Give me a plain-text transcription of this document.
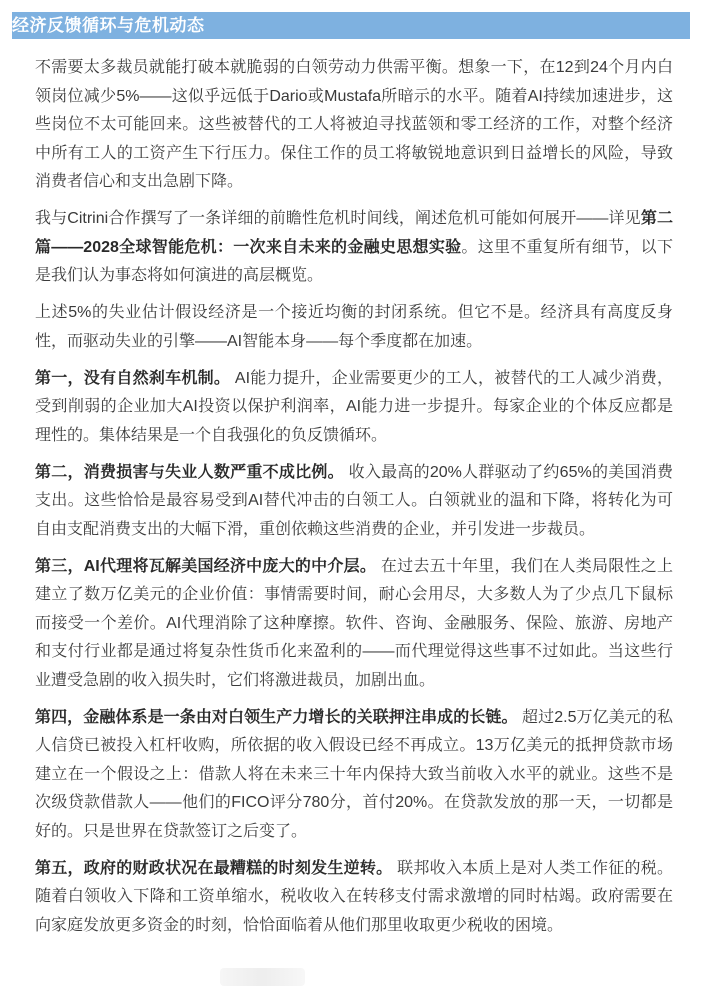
经济反馈循环与危机动态

不需要太多裁员就能打破本就脆弱的白领劳动力供需平衡。想象一下，在12到24个月内白领岗位减少5%——这似乎远低于Dario或Mustafa所暗示的水平。随着AI持续加速进步，这些岗位不太可能回来。这些被替代的工人将被迫寻找蓝领和零工经济的工作，对整个经济中所有工人的工资产生下行压力。保住工作的员工将敏锐地意识到日益增长的风险，导致消费者信心和支出急剧下降。

我与Citrini合作撰写了一条详细的前瞻性危机时间线，阐述危机可能如何展开——详见第二篇——2028全球智能危机：一次来自未来的金融史思想实验。这里不重复所有细节，以下是我们认为事态将如何演进的高层概览。

上述5%的失业估计假设经济是一个接近均衡的封闭系统。但它不是。经济具有高度反身性，而驱动失业的引擎——AI智能本身——每个季度都在加速。

第一，没有自然刹车机制。 AI能力提升，企业需要更少的工人，被替代的工人减少消费，受到削弱的企业加大AI投资以保护利润率，AI能力进一步提升。每家企业的个体反应都是理性的。集体结果是一个自我强化的负反馈循环。

第二，消费损害与失业人数严重不成比例。 收入最高的20%人群驱动了约65%的美国消费支出。这些恰恰是最容易受到AI替代冲击的白领工人。白领就业的温和下降，将转化为可自由支配消费支出的大幅下滑，重创依赖这些消费的企业，并引发进一步裁员。

第三，AI代理将瓦解美国经济中庞大的中介层。 在过去五十年里，我们在人类局限性之上建立了数万亿美元的企业价值：事情需要时间，耐心会用尽，大多数人为了少点几下鼠标而接受一个差价。AI代理消除了这种摩擦。软件、咨询、金融服务、保险、旅游、房地产和支付行业都是通过将复杂性货币化来盈利的——而代理觉得这些事不过如此。当这些行业遭受急剧的收入损失时，它们将激进裁员，加剧出血。

第四，金融体系是一条由对白领生产力增长的关联押注串成的长链。 超过2.5万亿美元的私人信贷已被投入杠杆收购，所依据的收入假设已经不再成立。13万亿美元的抵押贷款市场建立在一个假设之上：借款人将在未来三十年内保持大致当前收入水平的就业。这些不是次级贷款借款人——他们的FICO评分780分，首付20%。在贷款发放的那一天，一切都是好的。只是世界在贷款签订之后变了。

第五，政府的财政状况在最糟糕的时刻发生逆转。 联邦收入本质上是对人类工作征的税。随着白领收入下降和工资单缩水，税收收入在转移支付需求激增的同时枯竭。政府需要在向家庭发放更多资金的时刻，恰恰面临着从他们那里收取更少税收的困境。
